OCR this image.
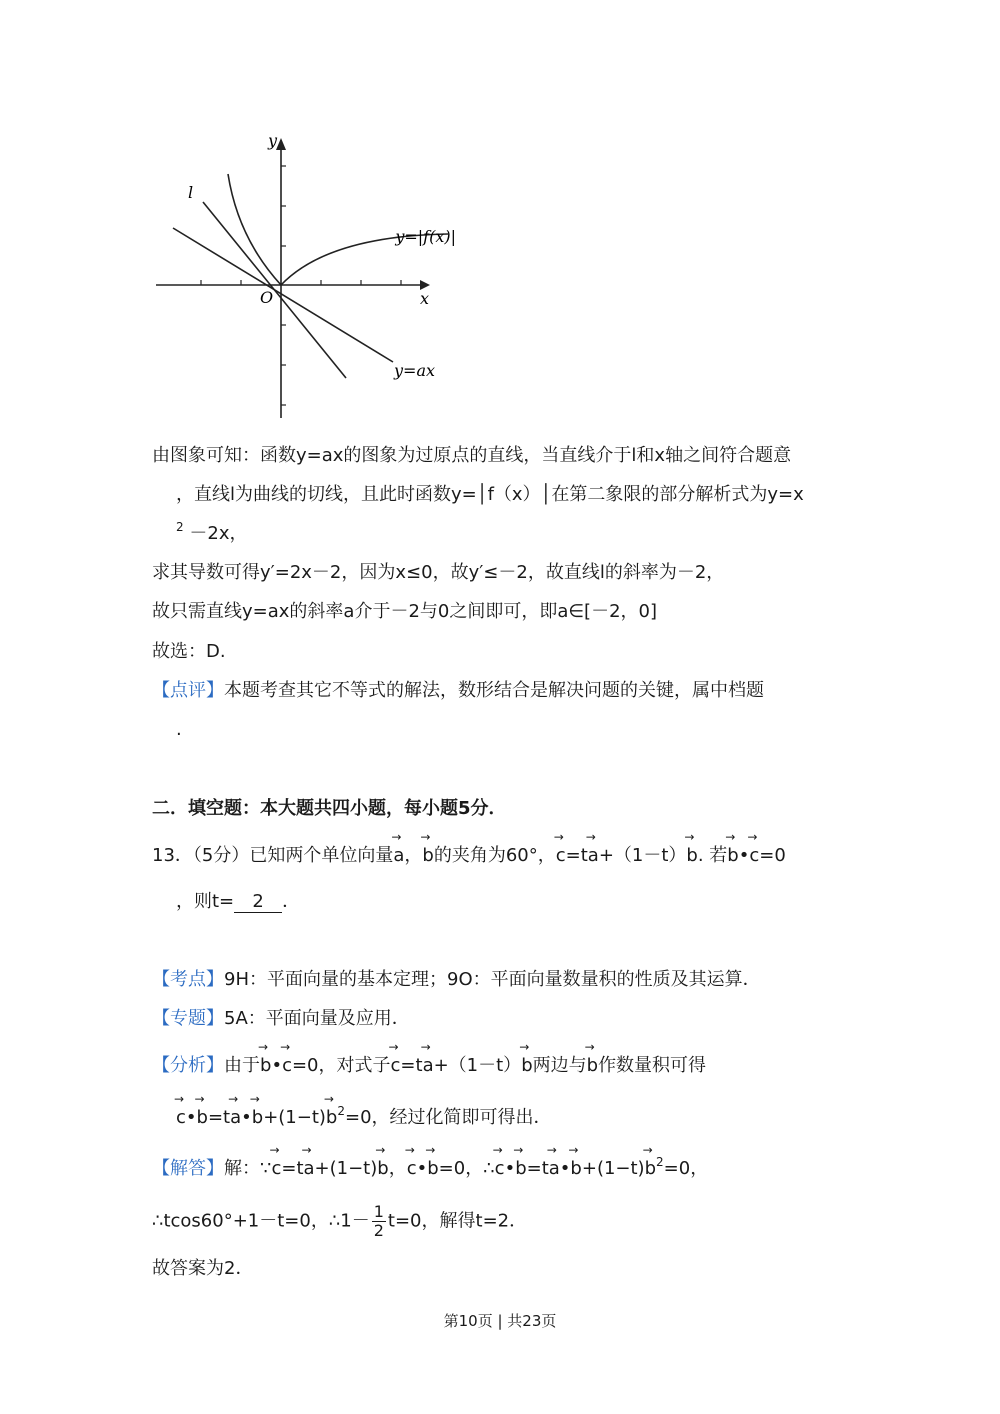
y
x
O
l
y=|f(x)|
y=ax
由图象可知：函数y=ax的图象为过原点的直线，当直线介于l和x轴之间符合题意
，直线l为曲线的切线，且此时函数y=│f（x）│在第二象限的部分解析式为y=x
$^2$ －2x，
求其导数可得y′=2x－2，因为x≤0，故y′≤－2，故直线l的斜率为－2，
故只需直线y=ax的斜率a介于－2与0之间即可，即a∈[－2，0]
故选：D.
【点评】本题考查其它不等式的解法，数形结合是解决问题的关键，属中档题
.
二．填空题：本大题共四小题，每小题5分．
13．（5分）已知两个单位向量→ a，→ b的夹角为60°，→ c=t→ a+（1－t）→ b. 若→ b•→ c=0
，则t= 2 ．
【考点】9H：平面向量的基本定理；9O：平面向量数量积的性质及其运算．
【专题】5A：平面向量及应用．
【分析】由于→ b•→ c=0，对式子→ c=t→ a+（1－t）→ b两边与→ b作数量积可得
→ c•→ b=t→ a•→ $b+(1-t)\to b^2=0$，经过化简即可得出．
【解答】解：∵→ c=t→ a+(1−t)→ b，→ c•→ b=0，∴→ c•→ b=t→ a•→ $b+(1-t)\to b^2=0$，
∴tcos60°+1－t=0，∴1－ $\frac{1}{2} t=0$，解得t=2．
故答案为2．
第10页 | 共23页
